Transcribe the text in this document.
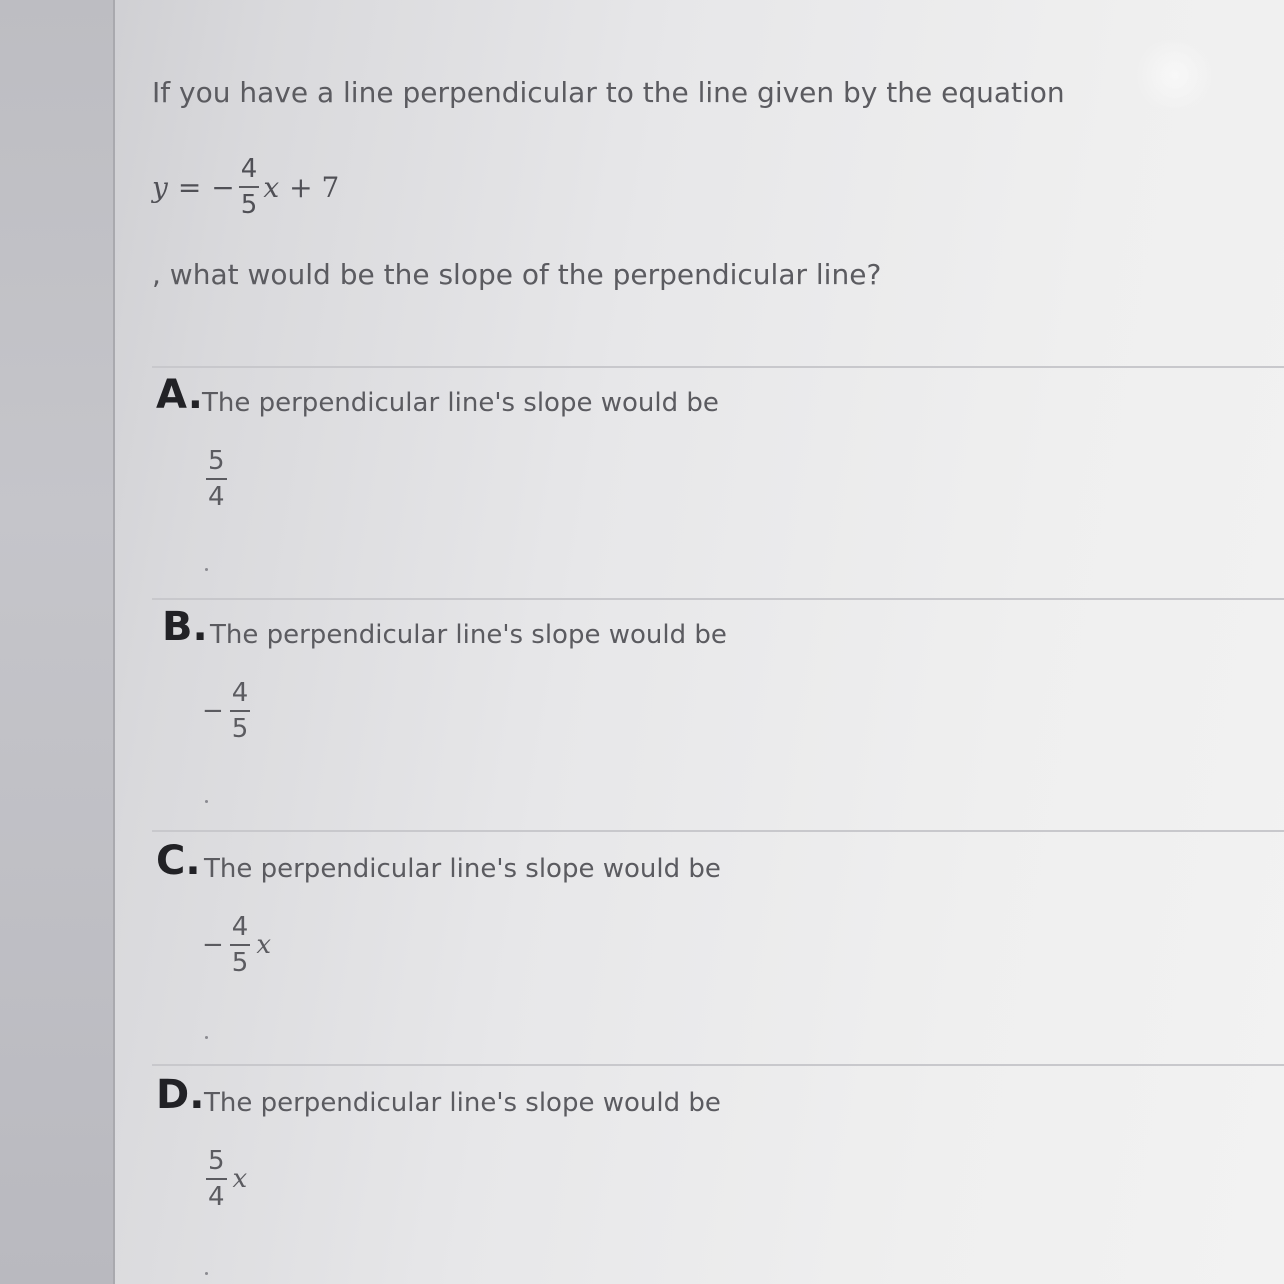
If you have a line perpendicular to the line given by the equation
y = − $\frac{4}{5}$ x + 7
, what would be the slope of the perpendicular line?
A. The perpendicular line's slope would be
$\frac{5}{4}$
B. The perpendicular line's slope would be
− $\frac{4}{5}$
C. The perpendicular line's slope would be
− $\frac{4}{5}$ x
D. The perpendicular line's slope would be
$\frac{5}{4}$ x
